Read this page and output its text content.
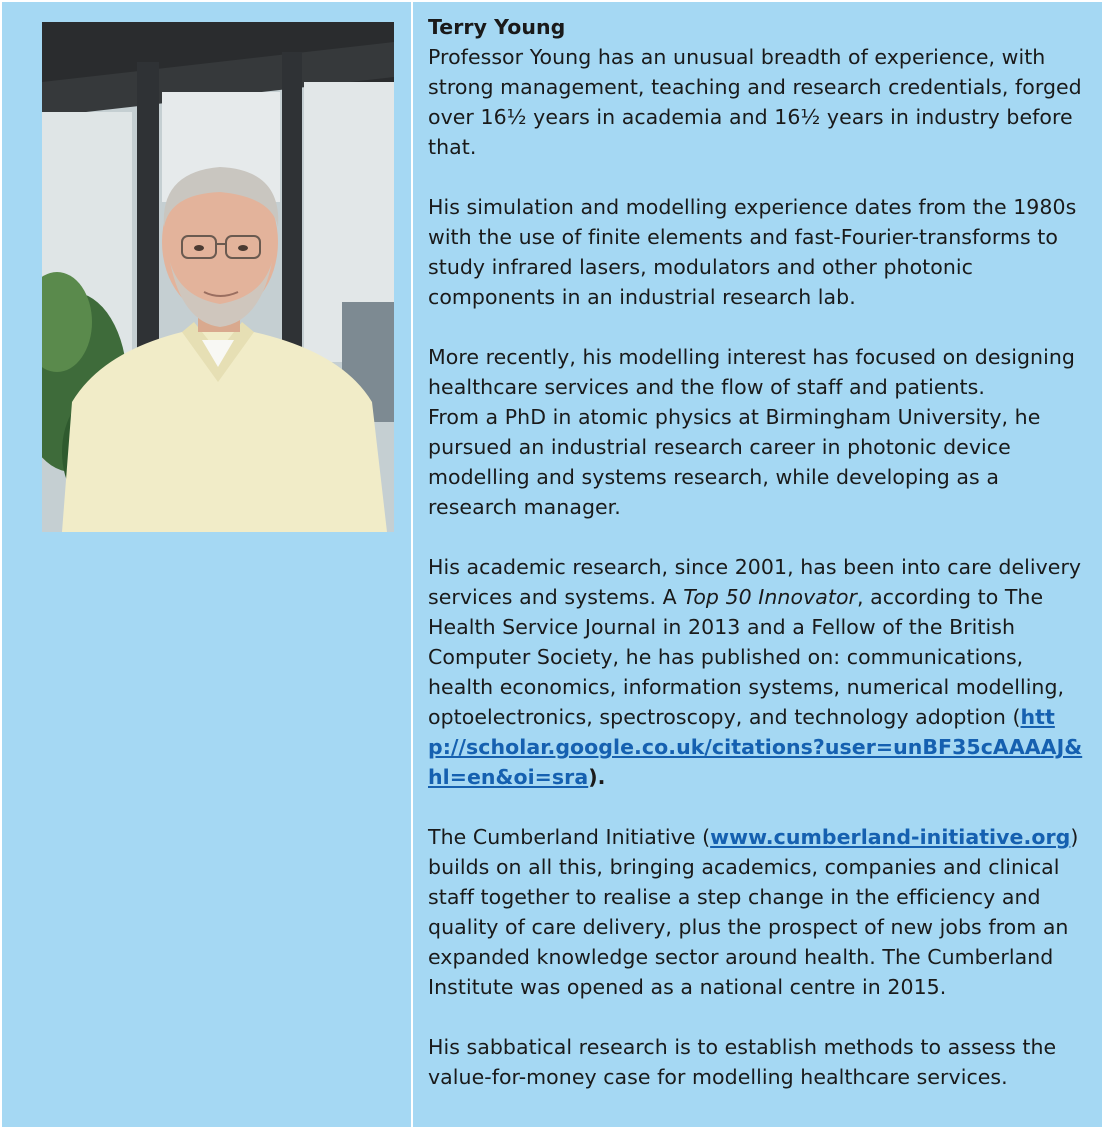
Terry Young

Professor Young has an unusual breadth of experience, with strong management, teaching and research credentials, forged over 16½ years in academia and 16½ years in industry before that.

His simulation and modelling experience dates from the 1980s with the use of finite elements and fast-Fourier-transforms to study infrared lasers, modulators and other photonic components in an industrial research lab.

More recently, his modelling interest has focused on designing healthcare services and the flow of staff and patients.
From a PhD in atomic physics at Birmingham University, he pursued an industrial research career in photonic device modelling and systems research, while developing as a research manager.

His academic research, since 2001, has been into care delivery services and systems. A Top 50 Innovator, according to The Health Service Journal in 2013 and a Fellow of the British Computer Society, he has published on: communications, health economics, information systems, numerical modelling, optoelectronics, spectroscopy, and technology adoption (http://scholar.google.co.uk/citations?user=unBF35cAAAAJ&hl=en&oi=sra).

The Cumberland Initiative (www.cumberland-initiative.org) builds on all this, bringing academics, companies and clinical staff together to realise a step change in the efficiency and quality of care delivery, plus the prospect of new jobs from an expanded knowledge sector around health. The Cumberland Institute was opened as a national centre in 2015.

His sabbatical research is to establish methods to assess the value-for-money case for modelling healthcare services.
